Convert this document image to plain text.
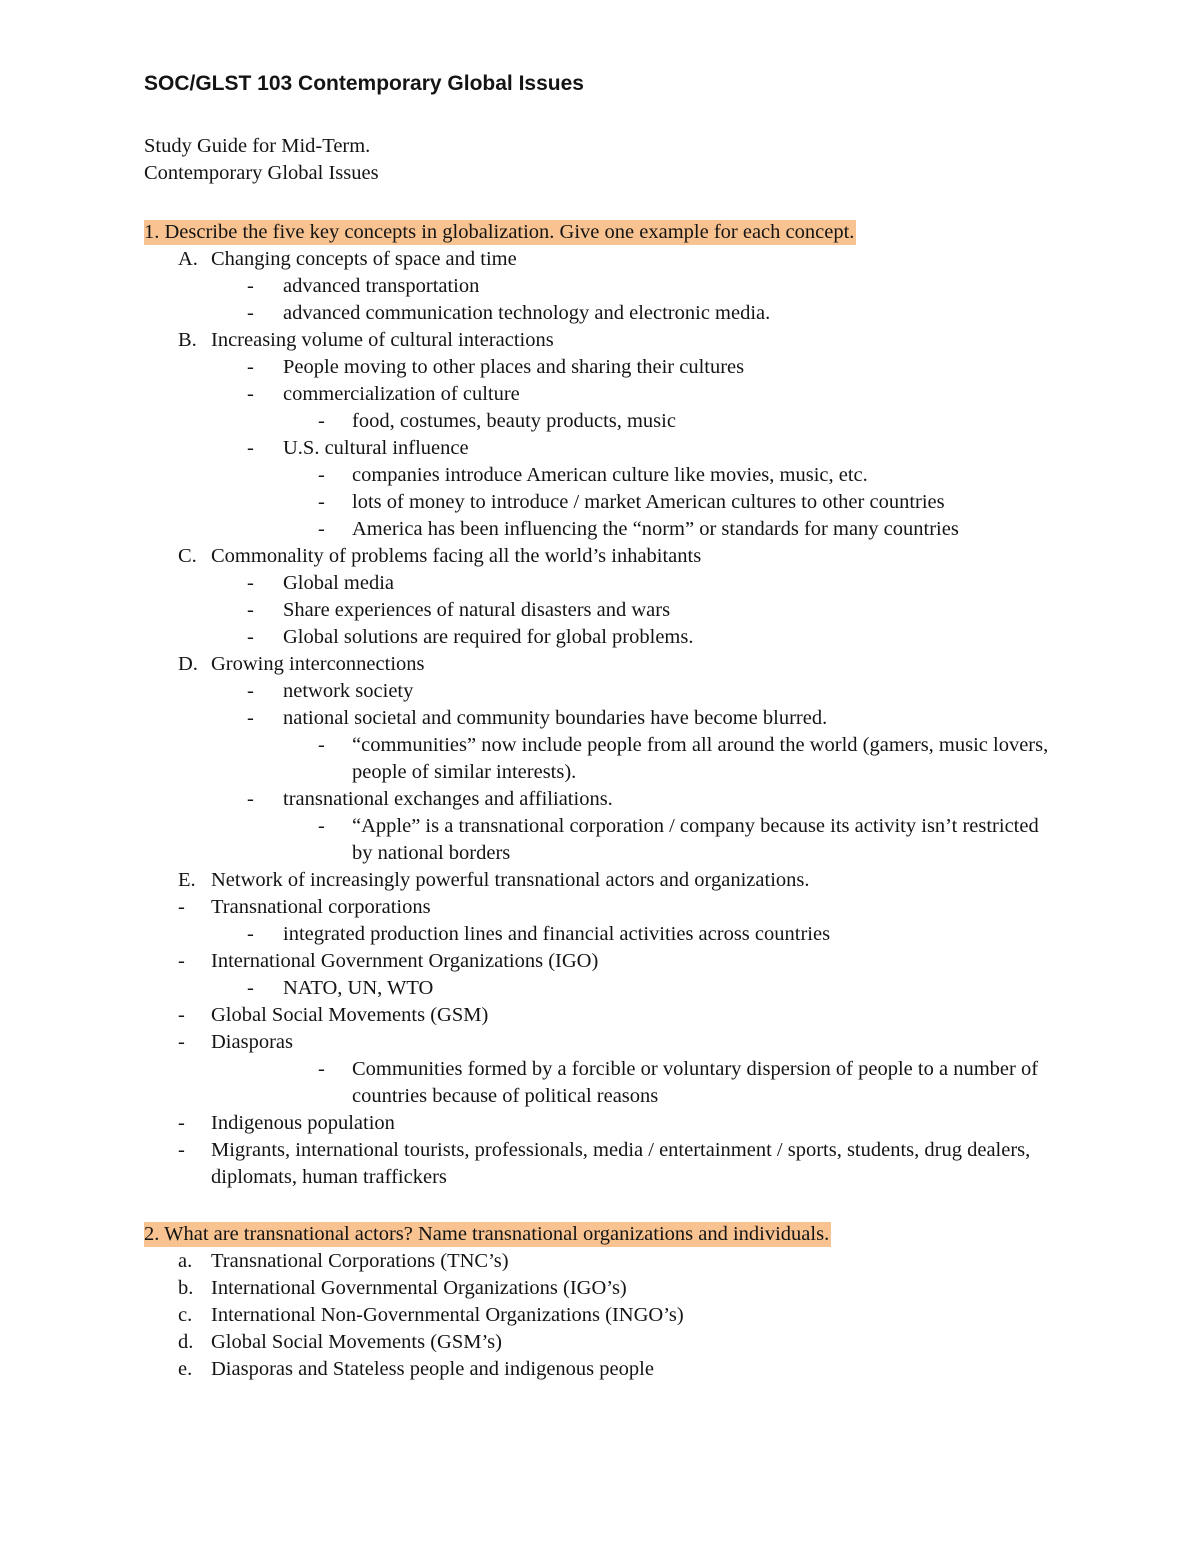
SOC/GLST 103 Contemporary Global Issues
Study Guide for Mid-Term.
Contemporary Global Issues
1. Describe the five key concepts in globalization. Give one example for each concept.
A. Changing concepts of space and time
-	advanced transportation
-	advanced communication technology and electronic media.
B. Increasing volume of cultural interactions
-	People moving to other places and sharing their cultures
-	commercialization of culture
-	food, costumes, beauty products, music
-	U.S. cultural influence
-	companies introduce American culture like movies, music, etc.
-	lots of money to introduce / market American cultures to other countries
-	America has been influencing the “norm” or standards for many countries
C. Commonality of problems facing all the world’s inhabitants
-	Global media
-	Share experiences of natural disasters and wars
-	Global solutions are required for global problems.
D. Growing interconnections
-	network society
-	national societal and community boundaries have become blurred.
-	“communities” now include people from all around the world (gamers, music lovers, people of similar interests).
-	transnational exchanges and affiliations.
-	“Apple” is a transnational corporation / company because its activity isn’t restricted by national borders
E. Network of increasingly powerful transnational actors and organizations.
-	Transnational corporations
-	integrated production lines and financial activities across countries
-	International Government Organizations (IGO)
-	NATO, UN, WTO
-	Global Social Movements (GSM)
-	Diasporas
-	Communities formed by a forcible or voluntary dispersion of people to a number of countries because of political reasons
-	Indigenous population
-	Migrants, international tourists, professionals, media / entertainment / sports, students, drug dealers, diplomats, human traffickers
2. What are transnational actors? Name transnational organizations and individuals.
a. Transnational Corporations (TNC’s)
b. International Governmental Organizations (IGO’s)
c. International Non-Governmental Organizations (INGO’s)
d. Global Social Movements (GSM’s)
e. Diasporas and Stateless people and indigenous people
